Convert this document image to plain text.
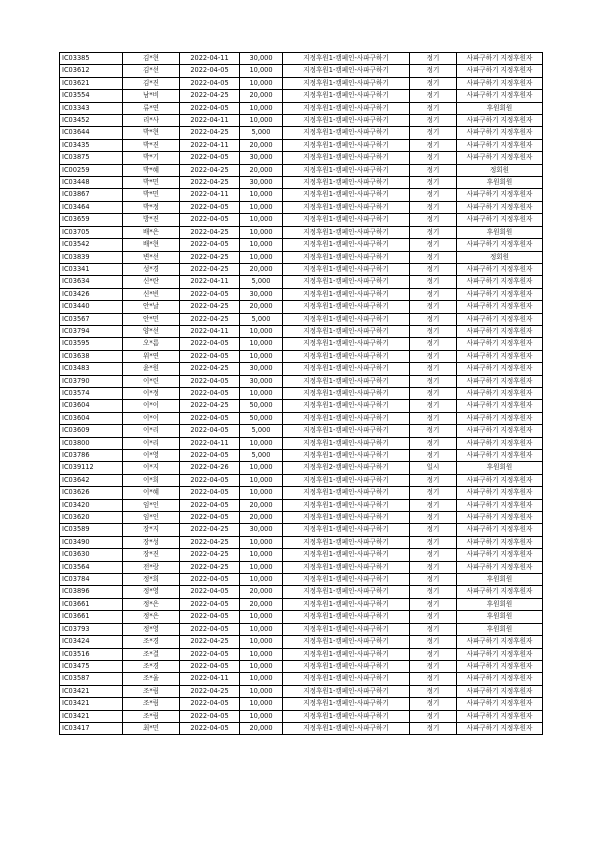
IC03385	김*현	2022-04-11	30,000	지정후원1-캠페인-사파구하기	정기	사파구하기 지정후원자
IC03612	김*선	2022-04-05	10,000	지정후원1-캠페인-사파구하기	정기	사파구하기 지정후원자
IC03621	김*진	2022-04-05	10,000	지정후원1-캠페인-사파구하기	정기	사파구하기 지정후원자
IC03554	남*비	2022-04-25	20,000	지정후원1-캠페인-사파구하기	정기	사파구하기 지정후원자
IC03343	류*연	2022-04-05	10,000	지정후원1-캠페인-사파구하기	정기	후원회원
IC03452	리*사	2022-04-11	10,000	지정후원1-캠페인-사파구하기	정기	사파구하기 지정후원자
IC03644	박*현	2022-04-25	5,000	지정후원1-캠페인-사파구하기	정기	사파구하기 지정후원자
IC03435	박*진	2022-04-11	20,000	지정후원1-캠페인-사파구하기	정기	사파구하기 지정후원자
IC03875	박*기	2022-04-05	30,000	지정후원1-캠페인-사파구하기	정기	사파구하기 지정후원자
IC00259	박*혜	2022-04-25	20,000	지정후원1-캠페인-사파구하기	정기	정회원
IC03448	박*민	2022-04-25	30,000	지정후원1-캠페인-사파구하기	정기	후원회원
IC03867	박*민	2022-04-11	10,000	지정후원1-캠페인-사파구하기	정기	사파구하기 지정후원자
IC03464	박*정	2022-04-05	10,000	지정후원1-캠페인-사파구하기	정기	사파구하기 지정후원자
IC03659	방*진	2022-04-05	10,000	지정후원1-캠페인-사파구하기	정기	사파구하기 지정후원자
IC03705	배*은	2022-04-25	10,000	지정후원1-캠페인-사파구하기	정기	후원회원
IC03542	배*현	2022-04-05	10,000	지정후원1-캠페인-사파구하기	정기	사파구하기 지정후원자
IC03839	변*선	2022-04-25	10,000	지정후원1-캠페인-사파구하기	정기	정회원
IC03341	성*경	2022-04-25	20,000	지정후원1-캠페인-사파구하기	정기	사파구하기 지정후원자
IC03634	신*란	2022-04-11	5,000	지정후원1-캠페인-사파구하기	정기	사파구하기 지정후원자
IC03426	신*빈	2022-04-05	30,000	지정후원1-캠페인-사파구하기	정기	사파구하기 지정후원자
IC03440	안*날	2022-04-25	20,000	지정후원1-캠페인-사파구하기	정기	사파구하기 지정후원자
IC03567	안*민	2022-04-25	5,000	지정후원1-캠페인-사파구하기	정기	사파구하기 지정후원자
IC03794	양*선	2022-04-11	10,000	지정후원1-캠페인-사파구하기	정기	사파구하기 지정후원자
IC03595	오*름	2022-04-05	10,000	지정후원1-캠페인-사파구하기	정기	사파구하기 지정후원자
IC03638	위*연	2022-04-05	10,000	지정후원1-캠페인-사파구하기	정기	사파구하기 지정후원자
IC03483	윤*원	2022-04-25	30,000	지정후원1-캠페인-사파구하기	정기	사파구하기 지정후원자
IC03790	이*린	2022-04-05	30,000	지정후원1-캠페인-사파구하기	정기	사파구하기 지정후원자
IC03574	이*정	2022-04-05	10,000	지정후원1-캠페인-사파구하기	정기	사파구하기 지정후원자
IC03604	이*이	2022-04-25	50,000	지정후원1-캠페인-사파구하기	정기	사파구하기 지정후원자
IC03604	이*이	2022-04-05	50,000	지정후원1-캠페인-사파구하기	정기	사파구하기 지정후원자
IC03609	이*리	2022-04-05	5,000	지정후원1-캠페인-사파구하기	정기	사파구하기 지정후원자
IC03800	이*리	2022-04-11	10,000	지정후원1-캠페인-사파구하기	정기	사파구하기 지정후원자
IC03786	이*영	2022-04-05	5,000	지정후원1-캠페인-사파구하기	정기	사파구하기 지정후원자
IC039112	이*지	2022-04-26	10,000	지정후원2-캠페인-사파구하기	일시	후원회원
IC03642	이*희	2022-04-05	10,000	지정후원1-캠페인-사파구하기	정기	사파구하기 지정후원자
IC03626	이*혜	2022-04-05	10,000	지정후원1-캠페인-사파구하기	정기	사파구하기 지정후원자
IC03420	임*인	2022-04-05	20,000	지정후원1-캠페인-사파구하기	정기	사파구하기 지정후원자
IC03620	임*인	2022-04-05	20,000	지정후원1-캠페인-사파구하기	정기	사파구하기 지정후원자
IC03589	장*지	2022-04-25	30,000	지정후원1-캠페인-사파구하기	정기	사파구하기 지정후원자
IC03490	장*성	2022-04-25	10,000	지정후원1-캠페인-사파구하기	정기	사파구하기 지정후원자
IC03630	장*진	2022-04-25	10,000	지정후원1-캠페인-사파구하기	정기	사파구하기 지정후원자
IC03564	전*랑	2022-04-25	10,000	지정후원1-캠페인-사파구하기	정기	사파구하기 지정후원자
IC03784	정*희	2022-04-05	10,000	지정후원1-캠페인-사파구하기	정기	후원회원
IC03896	정*영	2022-04-05	20,000	지정후원1-캠페인-사파구하기	정기	사파구하기 지정후원자
IC03661	정*은	2022-04-05	20,000	지정후원1-캠페인-사파구하기	정기	후원회원
IC03661	정*은	2022-04-05	10,000	지정후원1-캠페인-사파구하기	정기	후원회원
IC03793	정*영	2022-04-05	10,000	지정후원1-캠페인-사파구하기	정기	후원회원
IC03424	조*경	2022-04-25	10,000	지정후원1-캠페인-사파구하기	정기	사파구하기 지정후원자
IC03516	조*결	2022-04-05	10,000	지정후원1-캠페인-사파구하기	정기	사파구하기 지정후원자
IC03475	조*경	2022-04-05	10,000	지정후원1-캠페인-사파구하기	정기	사파구하기 지정후원자
IC03587	조*울	2022-04-11	10,000	지정후원1-캠페인-사파구하기	정기	사파구하기 지정후원자
IC03421	조*림	2022-04-25	10,000	지정후원1-캠페인-사파구하기	정기	사파구하기 지정후원자
IC03421	조*림	2022-04-05	10,000	지정후원1-캠페인-사파구하기	정기	사파구하기 지정후원자
IC03421	조*림	2022-04-05	10,000	지정후원1-캠페인-사파구하기	정기	사파구하기 지정후원자
IC03417	최*민	2022-04-05	20,000	지정후원1-캠페인-사파구하기	정기	사파구하기 지정후원자
